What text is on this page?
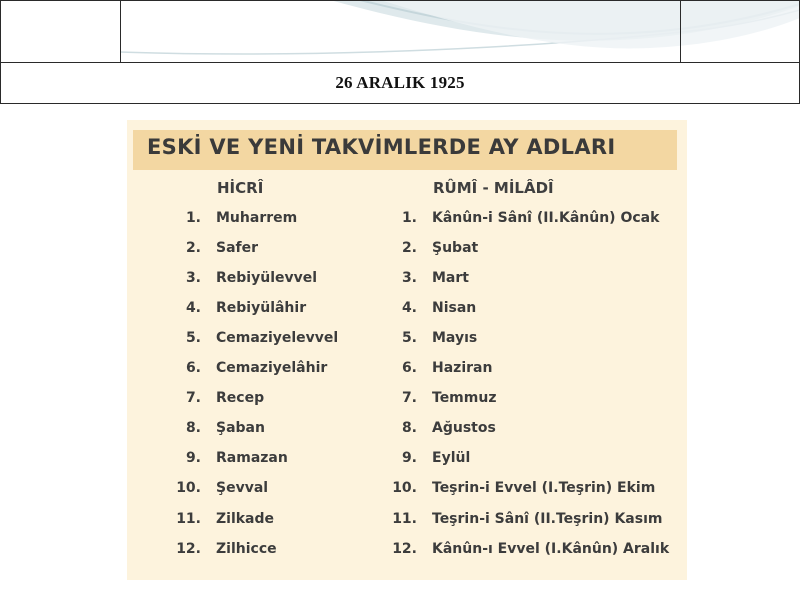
26 ARALIK 1925
ESKİ VE YENİ TAKVİMLERDE AY ADLARI
HİCRÎ	RÛMÎ - MİLÂDÎ
1. Muharrem	1. Kânûn-i Sânî (II.Kânûn) Ocak
2. Safer	2. Şubat
3. Rebiyülevvel	3. Mart
4. Rebiyülâhir	4. Nisan
5. Cemaziyelevvel	5. Mayıs
6. Cemaziyelâhir	6. Haziran
7. Recep	7. Temmuz
8. Şaban	8. Ağustos
9. Ramazan	9. Eylül
10. Şevval	10. Teşrin-i Evvel (I.Teşrin) Ekim
11. Zilkade	11. Teşrin-i Sânî (II.Teşrin) Kasım
12. Zilhicce	12. Kânûn-ı Evvel (I.Kânûn) Aralık
